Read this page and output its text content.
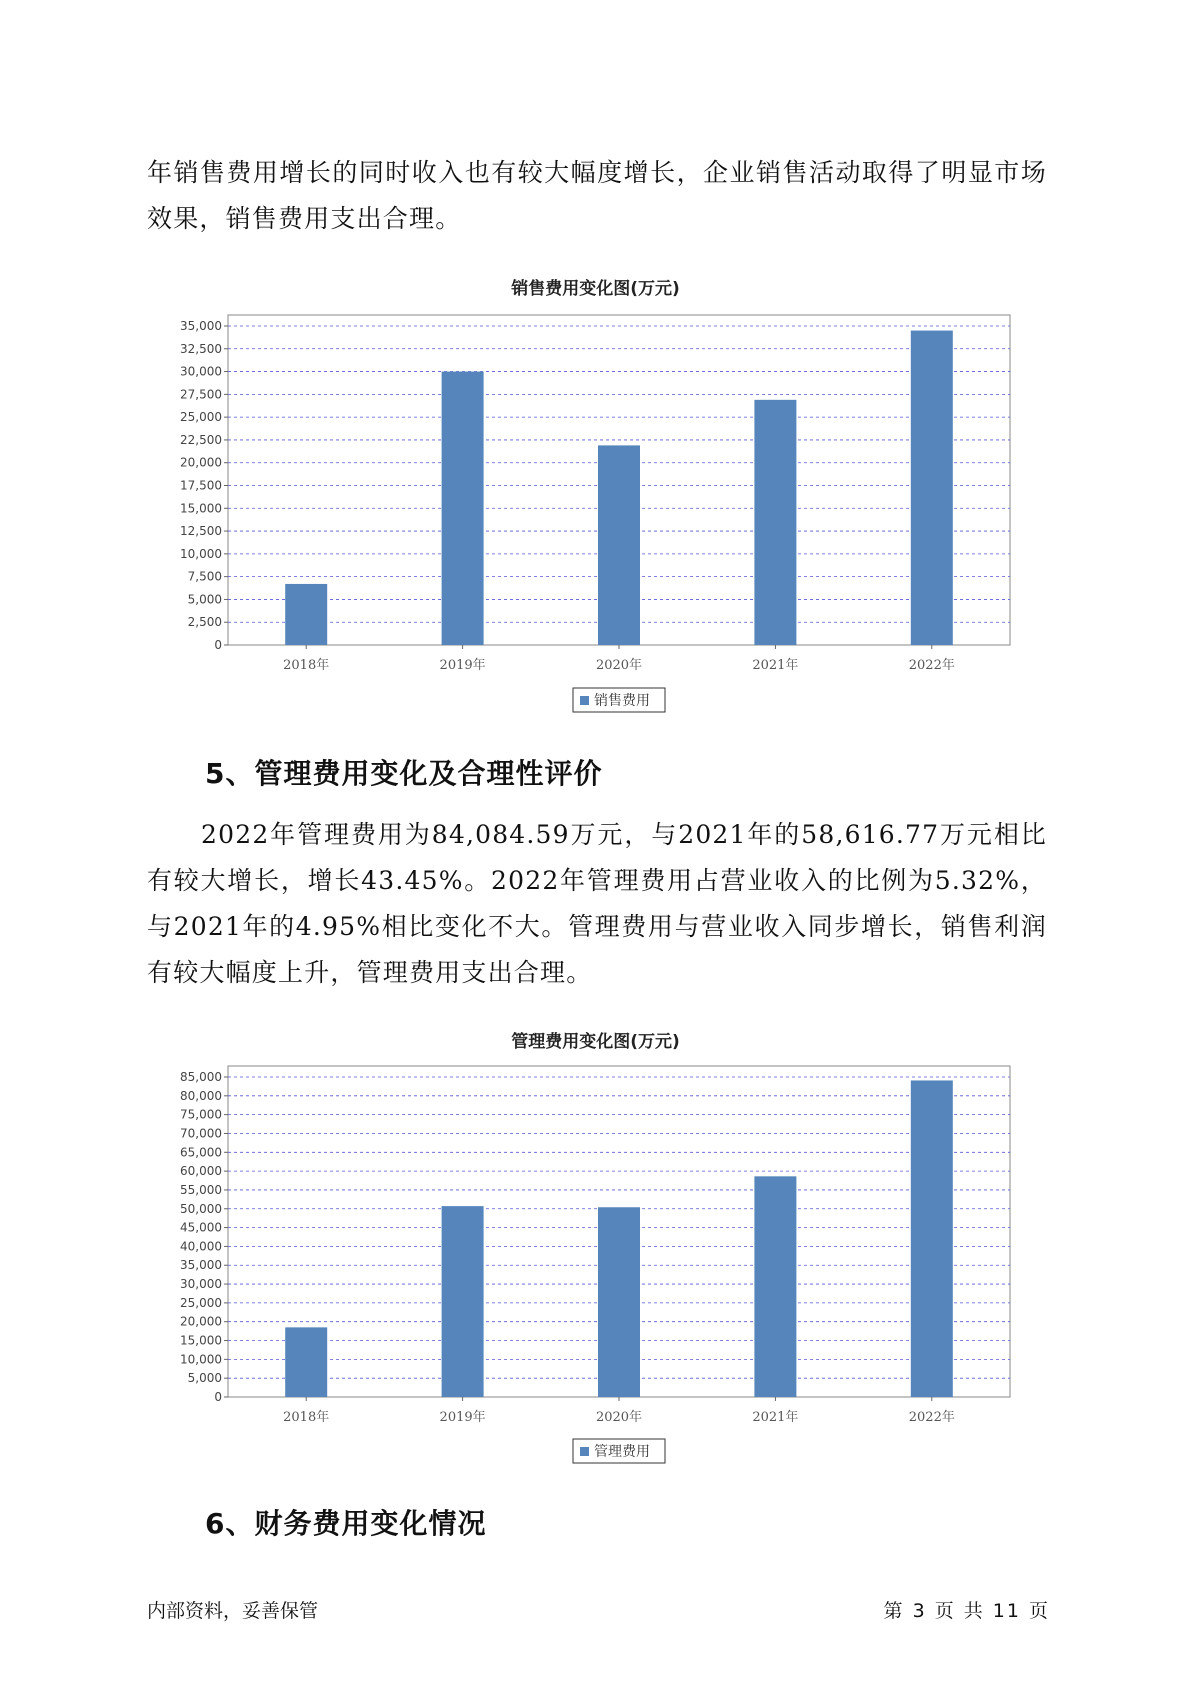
年销售费用增长的同时收入也有较大幅度增长，企业销售活动取得了明显市场效果，销售费用支出合理。

销售费用变化图(万元)
0
2,500
5,000
7,500
10,000
12,500
15,000
17,500
20,000
22,500
25,000
27,500
30,000
32,500
35,000
2018年	2019年	2020年	2021年	2022年
销售费用
5、管理费用变化及合理性评价

2022年管理费用为84,084.59万元，与2021年的58,616.77万元相比有较大增长，增长43.45%。2022年管理费用占营业收入的比例为5.32%，与2021年的4.95%相比变化不大。管理费用与营业收入同步增长，销售利润有较大幅度上升，管理费用支出合理。

管理费用变化图(万元)
0
5,000
10,000
15,000
20,000
25,000
30,000
35,000
40,000
45,000
50,000
55,000
60,000
65,000
70,000
75,000
80,000
85,000
2018年	2019年	2020年	2021年	2022年
管理费用
6、财务费用变化情况
内部资料，妥善保管	第 3 页 共 11 页
